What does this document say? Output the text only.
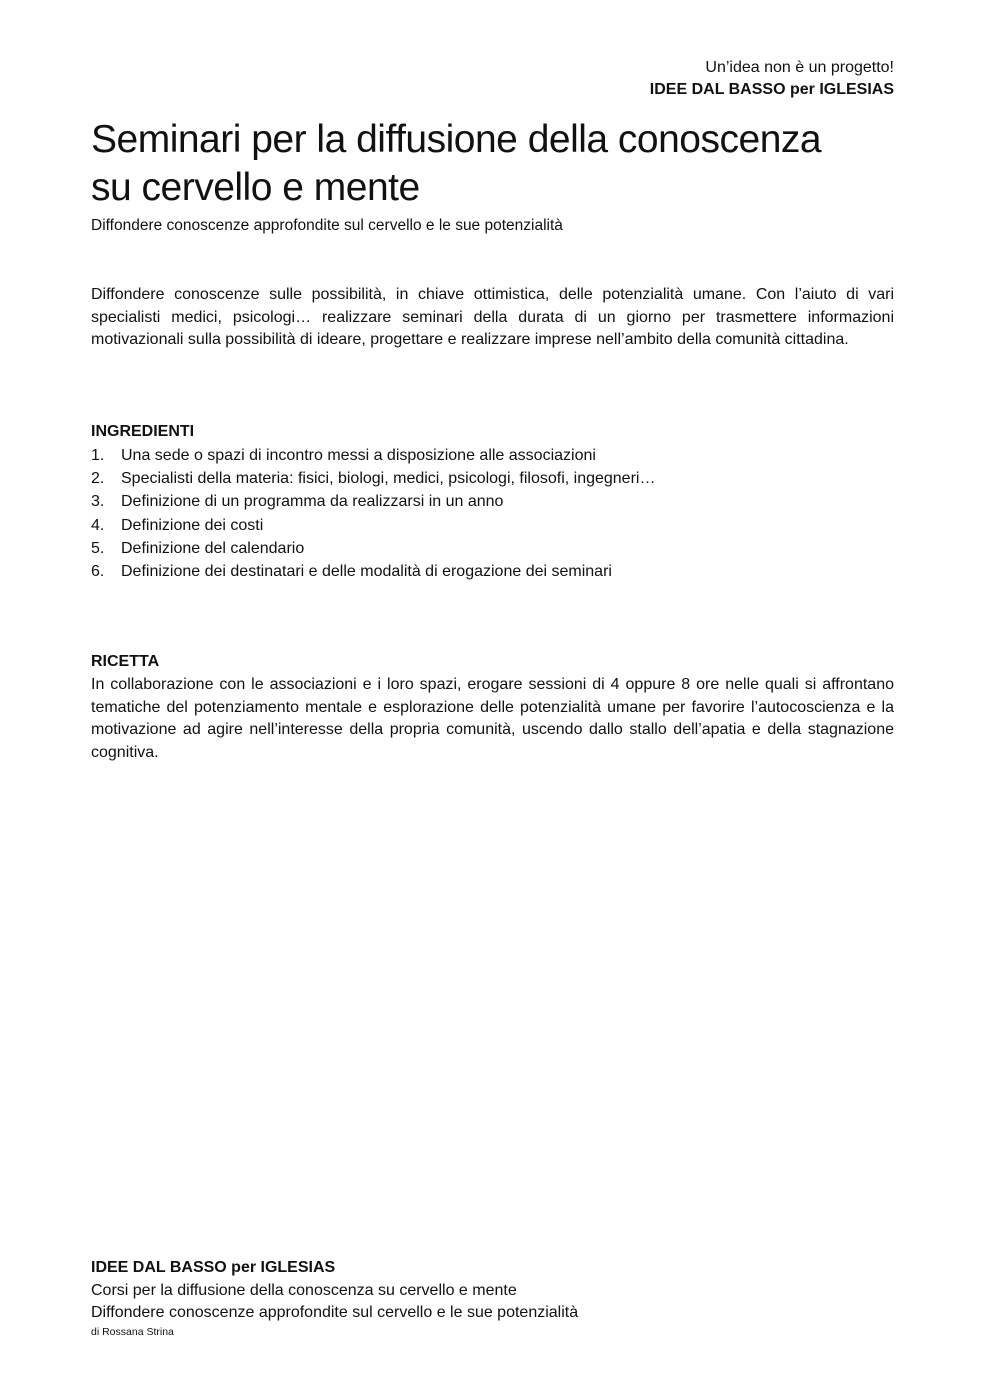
Un’idea non è un progetto!
IDEE DAL BASSO per IGLESIAS
Seminari per la diffusione della conoscenza
su cervello e mente
Diffondere conoscenze approfondite sul cervello e le sue potenzialità

Diffondere conoscenze sulle possibilità, in chiave ottimistica, delle potenzialità umane. Con l’aiuto di vari specialisti medici, psicologi… realizzare seminari della durata di un giorno per trasmettere informazioni motivazionali sulla possibilità di ideare, progettare e realizzare imprese nell’ambito della comunità cittadina.

INGREDIENTI
1.	Una sede o spazi di incontro messi a disposizione alle associazioni
2.	Specialisti della materia: fisici, biologi, medici, psicologi, filosofi, ingegneri…
3.	Definizione di un programma da realizzarsi in un anno
4.	Definizione dei costi
5.	Definizione del calendario
6.	Definizione dei destinatari e delle modalità di erogazione dei seminari
RICETTA

In collaborazione con le associazioni e i loro spazi, erogare sessioni di 4 oppure 8 ore nelle quali si affrontano tematiche del potenziamento mentale e esplorazione delle potenzialità umane per favorire l’autocoscienza e la motivazione ad agire nell’interesse della propria comunità, uscendo dallo stallo dell’apatia e della stagnazione cognitiva.

IDEE DAL BASSO per IGLESIAS
Corsi per la diffusione della conoscenza su cervello e mente
Diffondere conoscenze approfondite sul cervello e le sue potenzialità
di Rossana Strina
